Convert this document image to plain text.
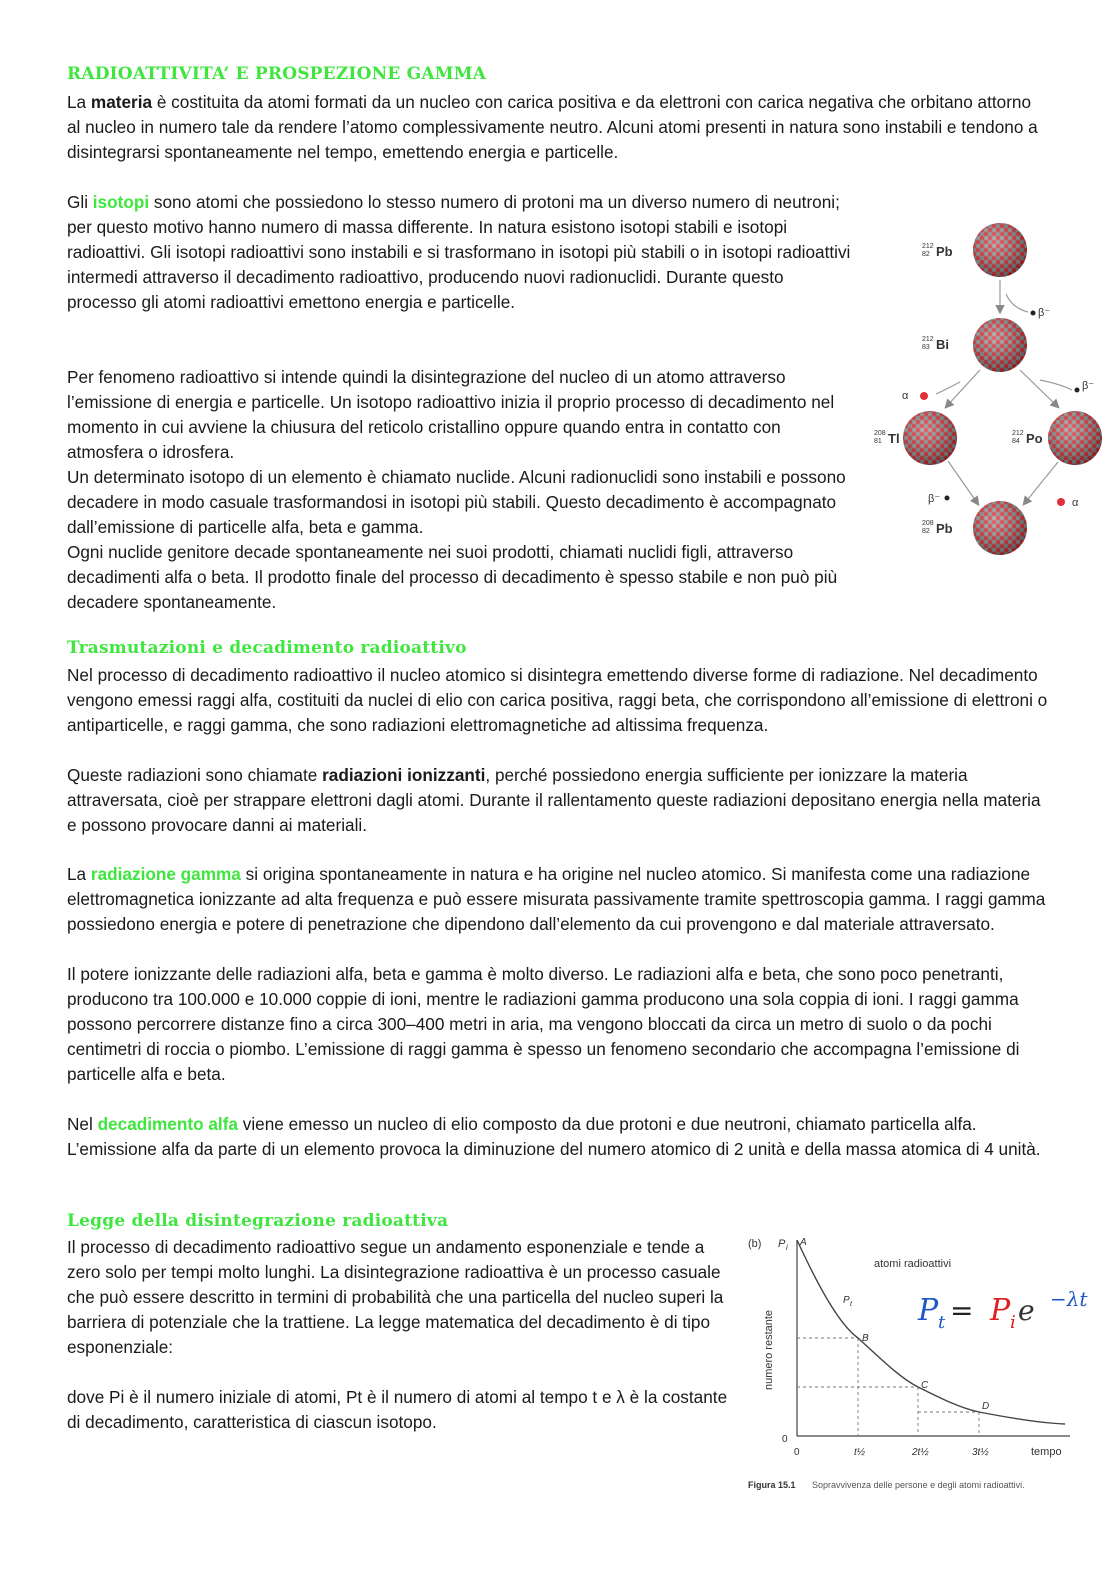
RADIOATTIVITA’ E PROSPEZIONE GAMMA

La materia è costituita da atomi formati da un nucleo con carica positiva e da elettroni con carica negativa che orbitano attorno al nucleo in numero tale da rendere l’atomo complessivamente neutro. Alcuni atomi presenti in natura sono instabili e tendono a disintegrarsi spontaneamente nel tempo, emettendo energia e particelle.

Gli isotopi sono atomi che possiedono lo stesso numero di protoni ma un diverso numero di neutroni; per questo motivo hanno numero di massa differente. In natura esistono isotopi stabili e isotopi radioattivi. Gli isotopi radioattivi sono instabili e si trasformano in isotopi più stabili o in isotopi radioattivi intermedi attraverso il decadimento radioattivo, producendo nuovi radionuclidi. Durante questo processo gli atomi radioattivi emettono energia e particelle.

Per fenomeno radioattivo si intende quindi la disintegrazione del nucleo di un atomo attraverso l’emissione di energia e particelle. Un isotopo radioattivo inizia il proprio processo di decadimento nel momento in cui avviene la chiusura del reticolo cristallino oppure quando entra in contatto con atmosfera o idrosfera.

Un determinato isotopo di un elemento è chiamato nuclide. Alcuni radionuclidi sono instabili e possono decadere in modo casuale trasformandosi in isotopi più stabili. Questo decadimento è accompagnato dall’emissione di particelle alfa, beta e gamma.

Ogni nuclide genitore decade spontaneamente nei suoi prodotti, chiamati nuclidi figli, attraverso decadimenti alfa o beta. Il prodotto finale del processo di decadimento è spesso stabile e non può più decadere spontaneamente.

212
82 Pb
212
83 Bi
208
81 Tl	212
84 Po
208
82 Pb
β⁻
α
β⁻
β⁻	α
Trasmutazioni e decadimento radioattivo

Nel processo di decadimento radioattivo il nucleo atomico si disintegra emettendo diverse forme di radiazione. Nel decadimento vengono emessi raggi alfa, costituiti da nuclei di elio con carica positiva, raggi beta, che corrispondono all’emissione di elettroni o antiparticelle, e raggi gamma, che sono radiazioni elettromagnetiche ad altissima frequenza.

Queste radiazioni sono chiamate radiazioni ionizzanti, perché possiedono energia sufficiente per ionizzare la materia attraversata, cioè per strappare elettroni dagli atomi. Durante il rallentamento queste radiazioni depositano energia nella materia e possono provocare danni ai materiali.

La radiazione gamma si origina spontaneamente in natura e ha origine nel nucleo atomico. Si manifesta come una radiazione elettromagnetica ionizzante ad alta frequenza e può essere misurata passivamente tramite spettroscopia gamma. I raggi gamma possiedono energia e potere di penetrazione che dipendono dall’elemento da cui provengono e dal materiale attraversato.

Il potere ionizzante delle radiazioni alfa, beta e gamma è molto diverso. Le radiazioni alfa e beta, che sono poco penetranti, producono tra 100.000 e 10.000 coppie di ioni, mentre le radiazioni gamma producono una sola coppia di ioni. I raggi gamma possono percorrere distanze fino a circa 300–400 metri in aria, ma vengono bloccati da circa un metro di suolo o da pochi centimetri di roccia o piombo. L’emissione di raggi gamma è spesso un fenomeno secondario che accompagna l’emissione di particelle alfa e beta.

Nel decadimento alfa viene emesso un nucleo di elio composto da due protoni e due neutroni, chiamato particella alfa. L’emissione alfa da parte di un elemento provoca la diminuzione del numero atomico di 2 unità e della massa atomica di 4 unità.

Legge della disintegrazione radioattiva

Il processo di decadimento radioattivo segue un andamento esponenziale e tende a zero solo per tempi molto lunghi. La disintegrazione radioattiva è un processo casuale che può essere descritto in termini di probabilità che una particella del nucleo superi la barriera di potenziale che la trattiene. La legge matematica del decadimento è di tipo esponenziale:

dove Pi è il numero iniziale di atomi, Pt è il numero di atomi al tempo t e λ è la costante di decadimento, caratteristica di ciascun isotopo.

(b) P i A
atomi radioattivi
numero restante
tempo
0
0	t½	2t½	3t½
P t
B
C
D
P t = P i e −λt
Figura 15.1 Sopravvivenza delle persone e degli atomi radioattivi.
